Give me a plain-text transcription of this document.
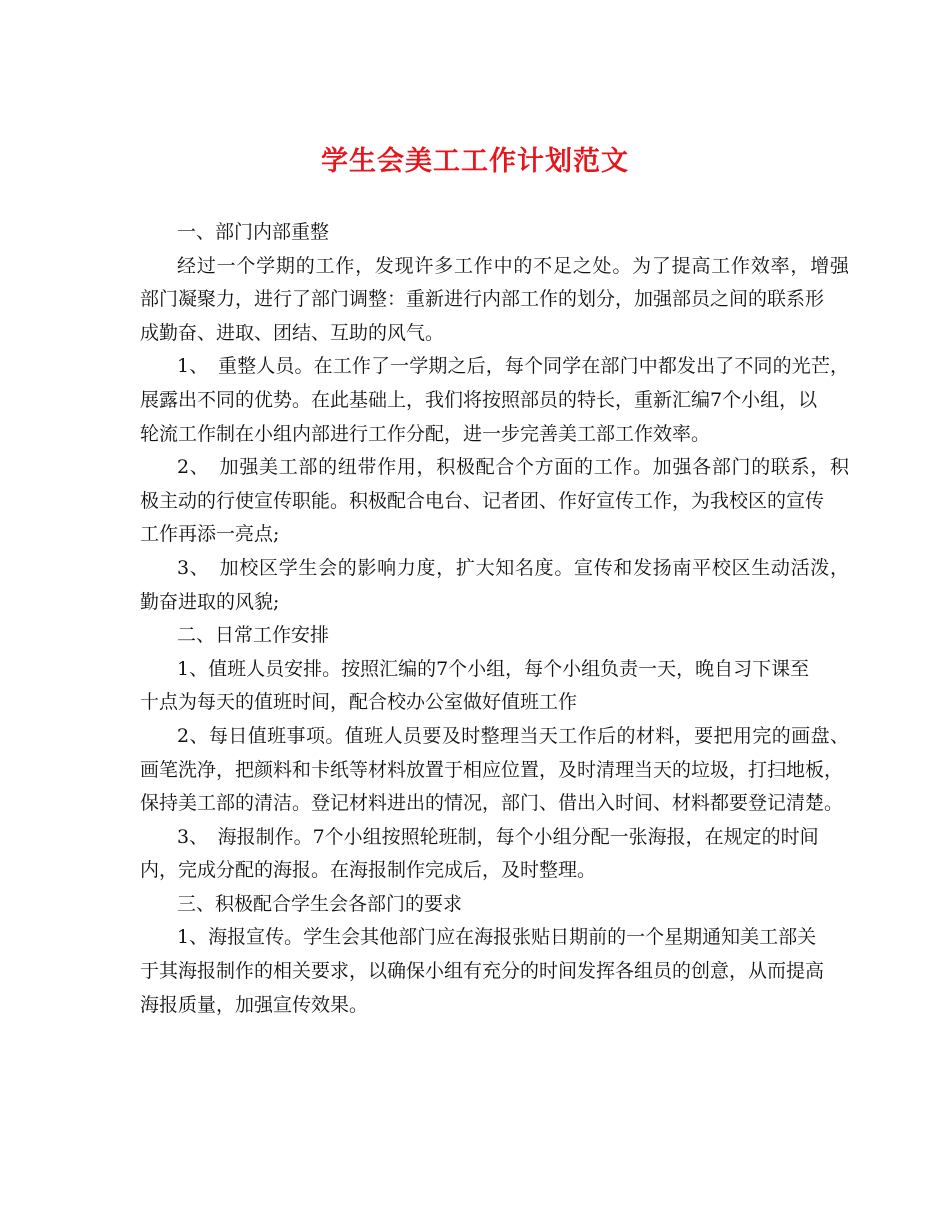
学生会美工工作计划范文
一、部门内部重整
经过一个学期的工作，发现许多工作中的不足之处。为了提高工作效率，增强
部门凝聚力，进行了部门调整：重新进行内部工作的划分，加强部员之间的联系形
成勤奋、进取、团结、互助的风气。
1、　重整人员。在工作了一学期之后，每个同学在部门中都发出了不同的光芒，
展露出不同的优势。在此基础上，我们将按照部员的特长，重新汇编7个小组，以
轮流工作制在小组内部进行工作分配，进一步完善美工部工作效率。
2、　加强美工部的纽带作用，积极配合个方面的工作。加强各部门的联系，积
极主动的行使宣传职能。积极配合电台、记者团、作好宣传工作，为我校区的宣传
工作再添一亮点;
3、　加校区学生会的影响力度，扩大知名度。宣传和发扬南平校区生动活泼，
勤奋进取的风貌;
二、日常工作安排
1、值班人员安排。按照汇编的7个小组，每个小组负责一天，晚自习下课至
十点为每天的值班时间，配合校办公室做好值班工作
2、每日值班事项。值班人员要及时整理当天工作后的材料，要把用完的画盘、
画笔洗净，把颜料和卡纸等材料放置于相应位置，及时清理当天的垃圾，打扫地板，
保持美工部的清洁。登记材料进出的情况，部门、借出入时间、材料都要登记清楚。
3、　海报制作。7个小组按照轮班制，每个小组分配一张海报，在规定的时间
内，完成分配的海报。在海报制作完成后，及时整理。
三、积极配合学生会各部门的要求
1、海报宣传。学生会其他部门应在海报张贴日期前的一个星期通知美工部关
于其海报制作的相关要求，以确保小组有充分的时间发挥各组员的创意，从而提高
海报质量，加强宣传效果。
